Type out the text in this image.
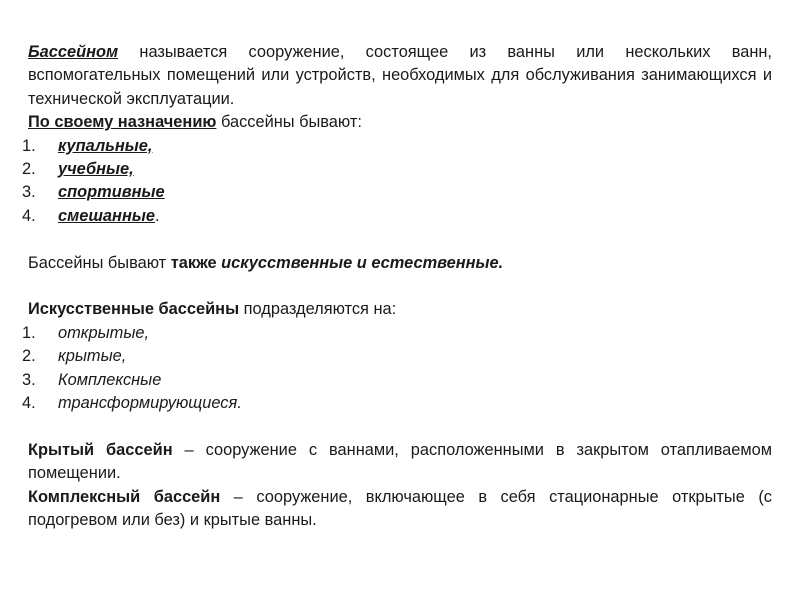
Бассейном называется сооружение, состоящее из ванны или нескольких ванн, вспомогательных помещений или устройств, необходимых для обслуживания занимающихся и технической эксплуатации.

По своему назначению бассейны бывают:

1. купальные,
2. учебные,
3. спортивные
4. смешанные.

Бассейны бывают также искусственные и естественные.

Искусственные бассейны подразделяются на:

1. открытые,
2. крытые,
3. Комплексные
4. трансформирующиеся.

Крытый бассейн – сооружение с ваннами, расположенными в закрытом отапливаемом помещении.

Комплексный бассейн – сооружение, включающее в себя стационарные открытые (с подогревом или без) и крытые ванны.
